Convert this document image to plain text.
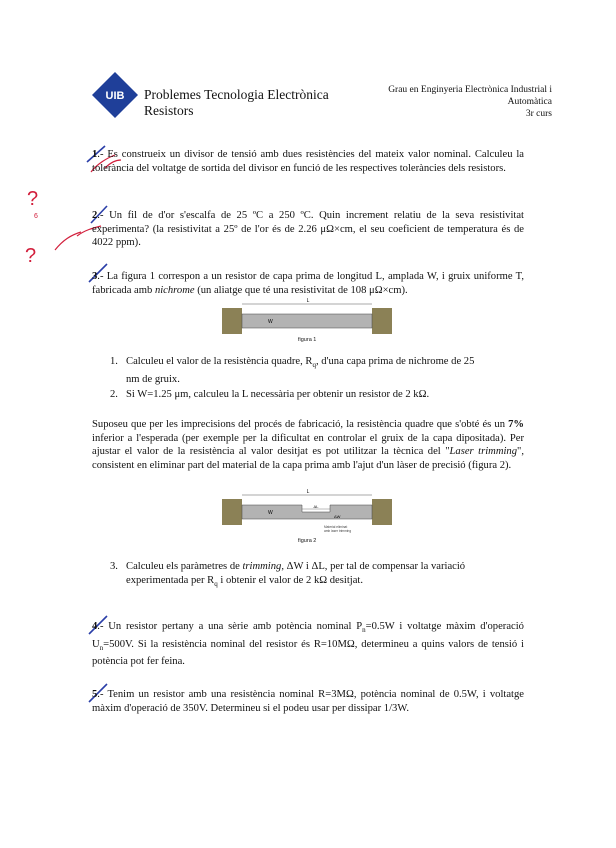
UIB Problemes Tecnologia Electrònica
Resistors
Grau en Enginyeria Electrònica Industrial i
Automàtica
3r curs
?
6
?
1.- Es construeix un divisor de tensió amb dues resistències del mateix valor nominal. Calculeu la tolerància del voltatge de sortida del divisor en funció de les respectives toleràncies dels resistors.
2.- Un fil de d'or s'escalfa de 25 ºC a 250 ºC. Quin increment relatiu de la seva resistivitat experimenta? (la resistivitat a 25º de l'or és de 2.26 μΩ×cm, el seu coeficient de temperatura és de 4022 ppm).
3.- La figura 1 correspon a un resistor de capa prima de longitud L, amplada W, i gruix uniforme T, fabricada amb nichrome (un aliatge que té una resistivitat de 108 μΩ×cm).
L
W
figura 1
1. Calculeu el valor de la resistència quadre, $R_q$, d'una capa prima de nichrome de 25
nm de gruix.
2. Si W=1.25 μm, calculeu la L necessària per obtenir un resistor de 2 kΩ.
Suposeu que per les imprecisions del procés de fabricació, la resistència quadre que s'obté és un 7% inferior a l'esperada (per exemple per la dificultat en controlar el gruix de la capa dipositada). Per ajustar el valor de la resistència al valor desitjat es pot utilitzar la tècnica del "Laser trimming", consistent en eliminar part del material de la capa prima amb l'ajut d'un làser de precisió (figura 2).
L
W
ΔL
ΔW
Material eliminat
amb laser trimming
figura 2
3. Calculeu els paràmetres de trimming, ΔW i ΔL, per tal de compensar la variació
experimentada per $R_q$ i obtenir el valor de 2 kΩ desitjat.
4.- Un resistor pertany a una sèrie amb potència nominal $P_n=0.5W$ i voltatge màxim d'operació $U_n=500V$. Si la resistència nominal del resistor és R=10MΩ, determineu a quins valors de tensió i potència pot fer feina.
5.- Tenim un resistor amb una resistència nominal R=3MΩ, potència nominal de 0.5W, i voltatge màxim d'operació de 350V. Determineu si el podeu usar per dissipar 1/3W.
